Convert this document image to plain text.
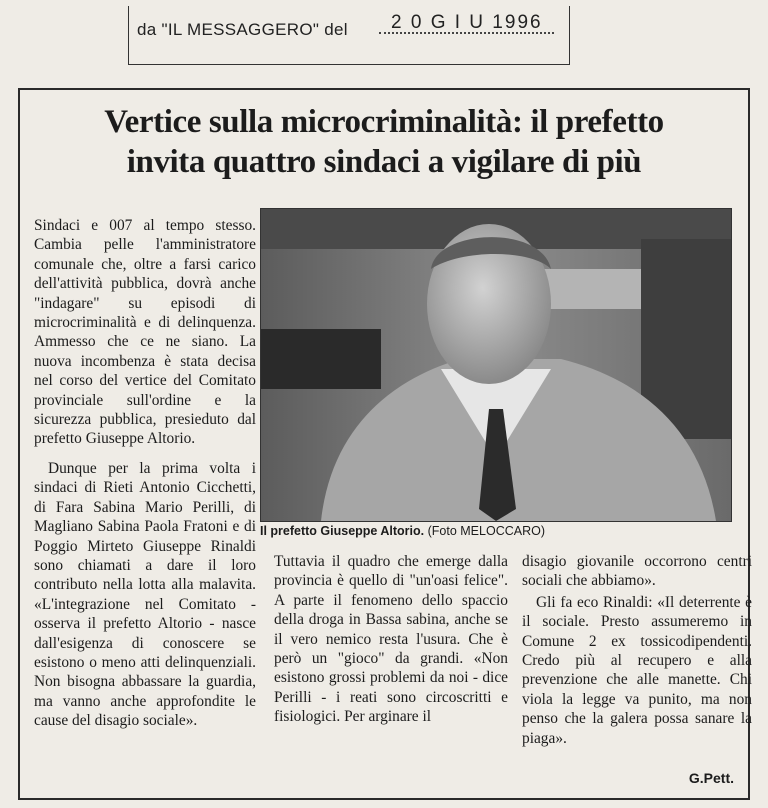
da "IL MESSAGGERO" del 2 0 G I U 1996
Vertice sulla microcriminalità: il prefetto
invita quattro sindaci a vigilare di più

Sindaci e 007 al tempo stesso. Cambia pelle l'amministratore comunale che, oltre a farsi carico dell'attività pubblica, dovrà anche "indagare" su episodi di microcriminalità e di delinquenza. Ammesso che ce ne siano. La nuova incombenza è stata decisa nel corso del vertice del Comitato provinciale sull'ordine e la sicurezza pubblica, presieduto dal prefetto Giuseppe Altorio.

Dunque per la prima volta i sindaci di Rieti Antonio Cicchetti, di Fara Sabina Mario Perilli, di Magliano Sabina Paola Fratoni e di Poggio Mirteto Giuseppe Rinaldi sono chiamati a dare il loro contributo nella lotta alla malavita. «L'integrazione nel Comitato - osserva il prefetto Altorio - nasce dall'esigenza di conoscere se esistono o meno atti delinquenziali. Non bisogna abbassare la guardia, ma vanno anche approfondite le cause del disagio sociale».

Il prefetto Giuseppe Altorio. (Foto MELOCCARO)

Tuttavia il quadro che emerge dalla provincia è quello di "un'oasi felice". A parte il fenomeno dello spaccio della droga in Bassa sabina, anche se il vero nemico resta l'usura. Che è però un "gioco" da grandi. «Non esistono grossi problemi da noi - dice Perilli - i reati sono circoscritti e fisiologici. Per arginare il

disagio giovanile occorrono centri sociali che abbiamo».

Gli fa eco Rinaldi: «Il deterrente è il sociale. Presto assumeremo in Comune 2 ex tossicodipendenti. Credo più al recupero e alla prevenzione che alle manette. Chi viola la legge va punito, ma non penso che la galera possa sanare la piaga».

G.Pett.
